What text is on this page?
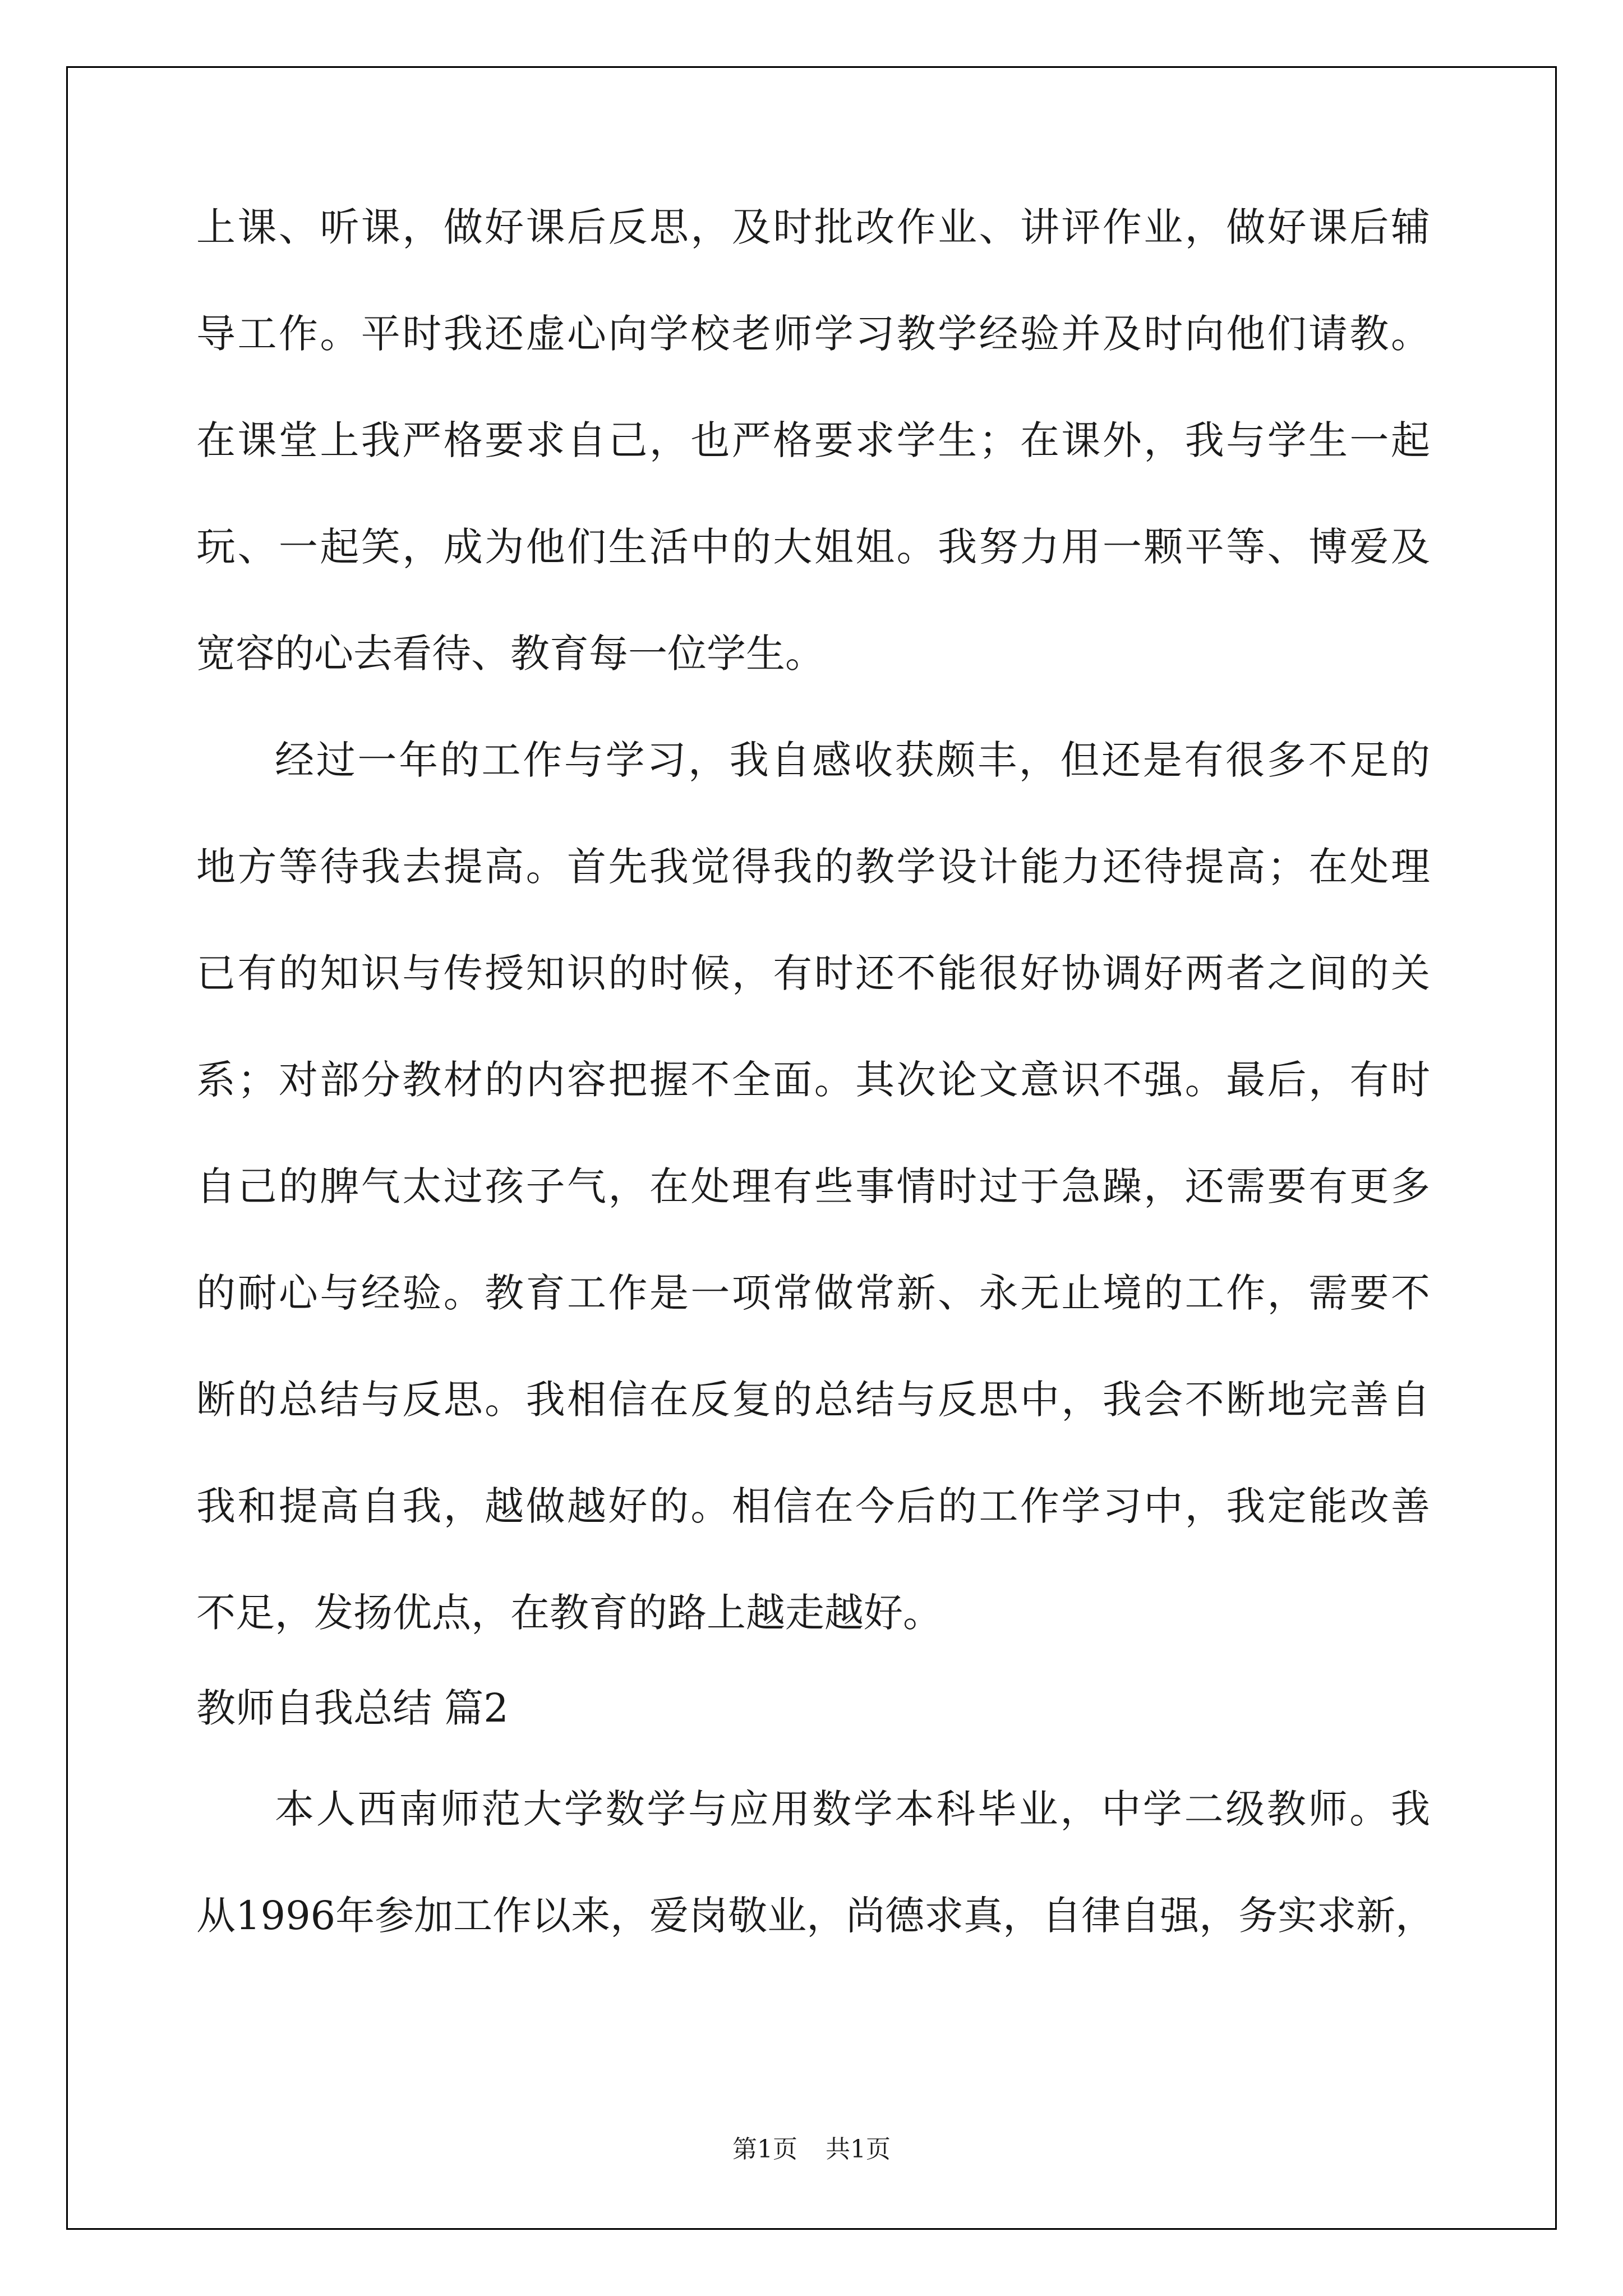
上课、听课，做好课后反思，及时批改作业、讲评作业，做好课后辅
导工作。平时我还虚心向学校老师学习教学经验并及时向他们请教。
在课堂上我严格要求自己，也严格要求学生；在课外，我与学生一起
玩、一起笑，成为他们生活中的大姐姐。我努力用一颗平等、博爱及
宽容的心去看待、教育每一位学生。
经过一年的工作与学习，我自感收获颇丰，但还是有很多不足的
地方等待我去提高。首先我觉得我的教学设计能力还待提高；在处理
已有的知识与传授知识的时候，有时还不能很好协调好两者之间的关
系；对部分教材的内容把握不全面。其次论文意识不强。最后，有时
自己的脾气太过孩子气，在处理有些事情时过于急躁，还需要有更多
的耐心与经验。教育工作是一项常做常新、永无止境的工作，需要不
断的总结与反思。我相信在反复的总结与反思中，我会不断地完善自
我和提高自我，越做越好的。相信在今后的工作学习中，我定能改善
不足，发扬优点，在教育的路上越走越好。
教师自我总结 篇2
本人西南师范大学数学与应用数学本科毕业，中学二级教师。我
从1996年参加工作以来，爱岗敬业，尚德求真，自律自强，务实求新，
第1页 共1页
